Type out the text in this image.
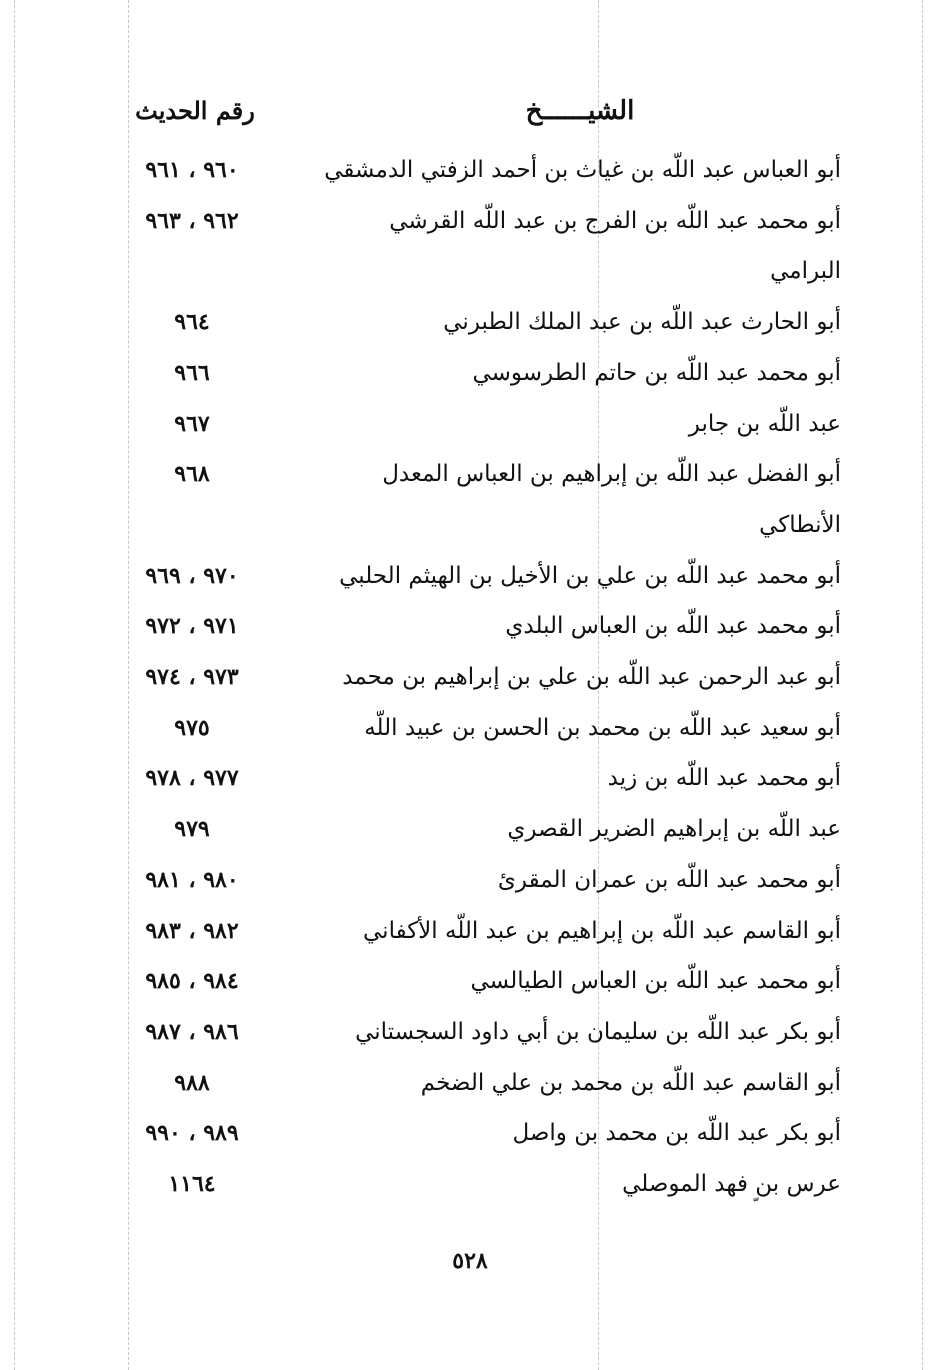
الشيــــــخ
رقم الحديث
أبو العباس عبد اللّه بن غياث بن أحمد الزفتي الدمشقي
٩٦٠ ، ٩٦١
أبو محمد عبد اللّه بن الفرج بن عبد اللّه القرشي
٩٦٢ ، ٩٦٣
البرامي
أبو الحارث عبد اللّه بن عبد الملك الطبرني
٩٦٤
أبو محمد عبد اللّه بن حاتم الطرسوسي
٩٦٦
عبد اللّه بن جابر
٩٦٧
أبو الفضل عبد اللّه بن إبراهيم بن العباس المعدل
٩٦٨
الأنطاكي
أبو محمد عبد اللّه بن علي بن الأخيل بن الهيثم الحلبي
٩٧٠ ، ٩٦٩
أبو محمد عبد اللّه بن العباس البلدي
٩٧١ ، ٩٧٢
أبو عبد الرحمن عبد اللّه بن علي بن إبراهيم بن محمد
٩٧٣ ، ٩٧٤
أبو سعيد عبد اللّه بن محمد بن الحسن بن عبيد اللّه
٩٧٥
أبو محمد عبد اللّه بن زيد
٩٧٧ ، ٩٧٨
عبد اللّه بن إبراهيم الضرير القصري
٩٧٩
أبو محمد عبد اللّه بن عمران المقرئ
٩٨٠ ، ٩٨١
أبو القاسم عبد اللّه بن إبراهيم بن عبد اللّه الأكفاني
٩٨٢ ، ٩٨٣
أبو محمد عبد اللّه بن العباس الطيالسي
٩٨٤ ، ٩٨٥
أبو بكر عبد اللّه بن سليمان بن أبي داود السجستاني
٩٨٦ ، ٩٨٧
أبو القاسم عبد اللّه بن محمد بن علي الضخم
٩٨٨
أبو بكر عبد اللّه بن محمد بن واصل
٩٨٩ ، ٩٩٠
عرس بن فهد الموصلي
١١٦٤
٥٢٨
